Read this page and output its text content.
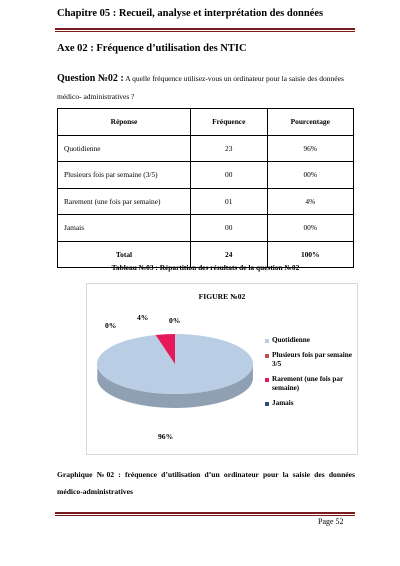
Chapitre 05 : Recueil, analyse et interprétation des données
Axe 02 : Fréquence d’utilisation des NTIC
Question №02 : A quelle fréquence utilisez-vous un ordinateur pour la saisie des données médico- administratives ?
Réponse	Fréquence	Pourcentage
Quotidienne	23	96%
Plusieurs fois par semaine (3/5)	00	00%
Rarement (une fois par semaine)	01	4%
Jamais	00	00%
Total	24	100%
Tableau №03 : Répartition des résultats de la question №02
FIGURE №02
4%	0%
0%
96%
Quotidienne
Plusieurs fois par semaine 3/5
Rarement (une fois par semaine)
Jamais
Graphique №02 : fréquence d’utilisation d’un ordinateur pour la saisie des données médico-administratives
Page 52
